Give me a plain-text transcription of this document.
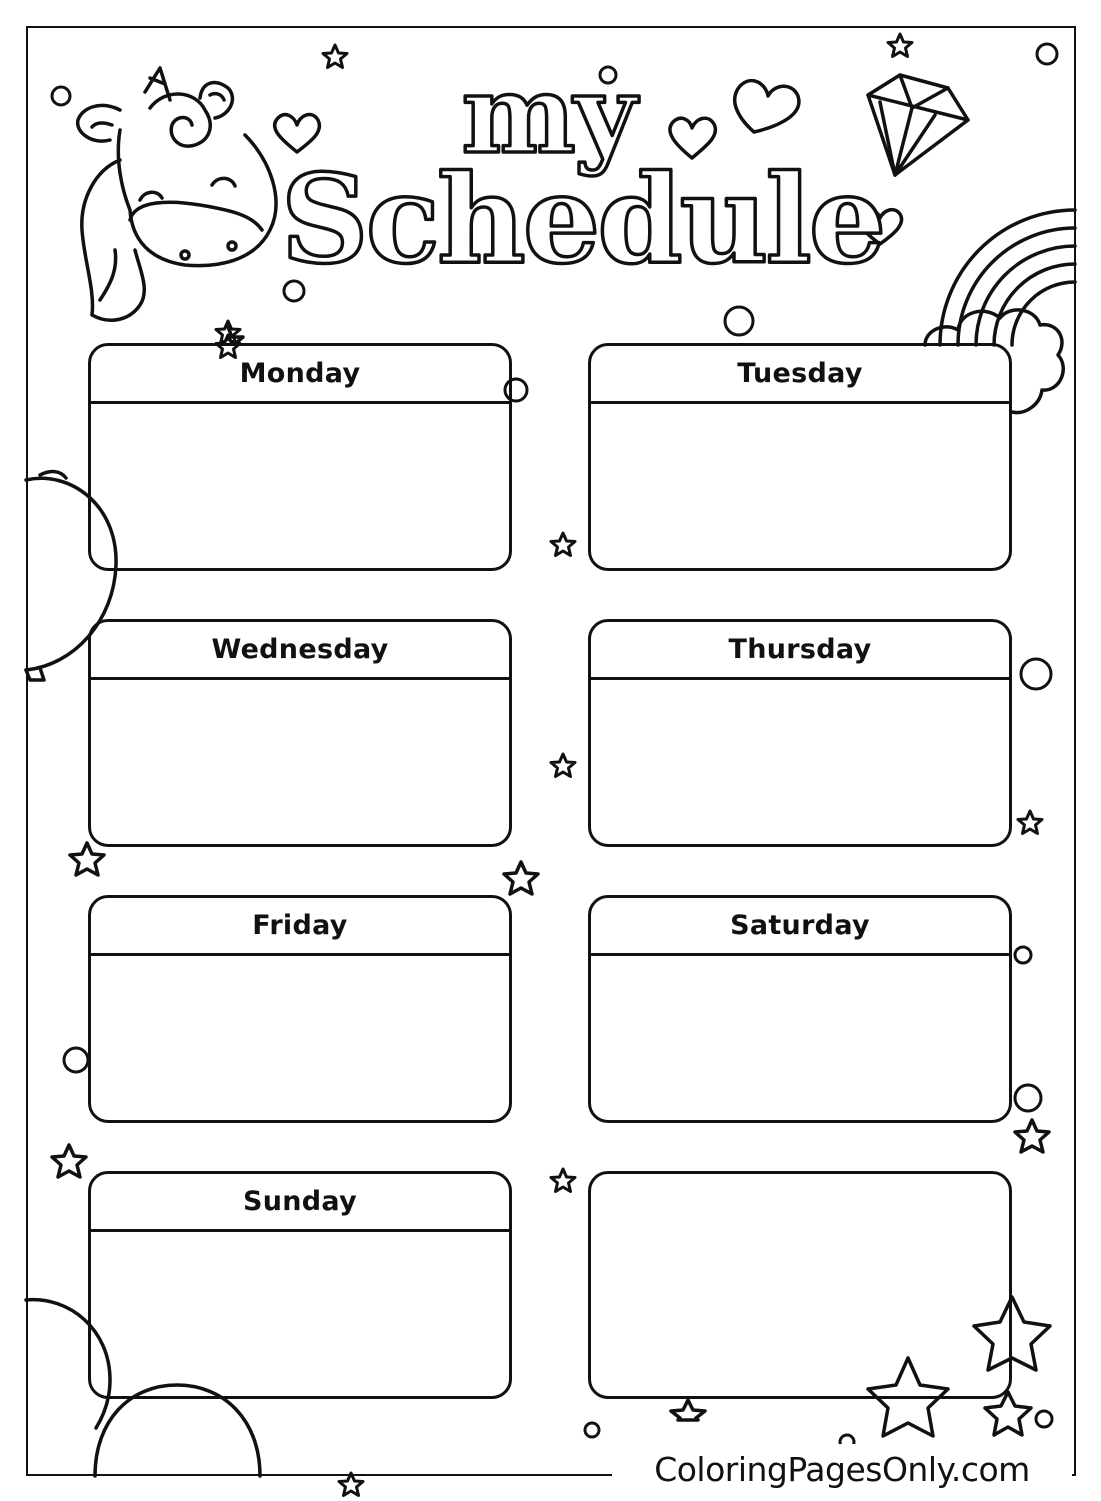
my
Schedule
Monday	Tuesday
Wednesday	Thursday
Friday	Saturday
Sunday
ColoringPagesOnly.com
